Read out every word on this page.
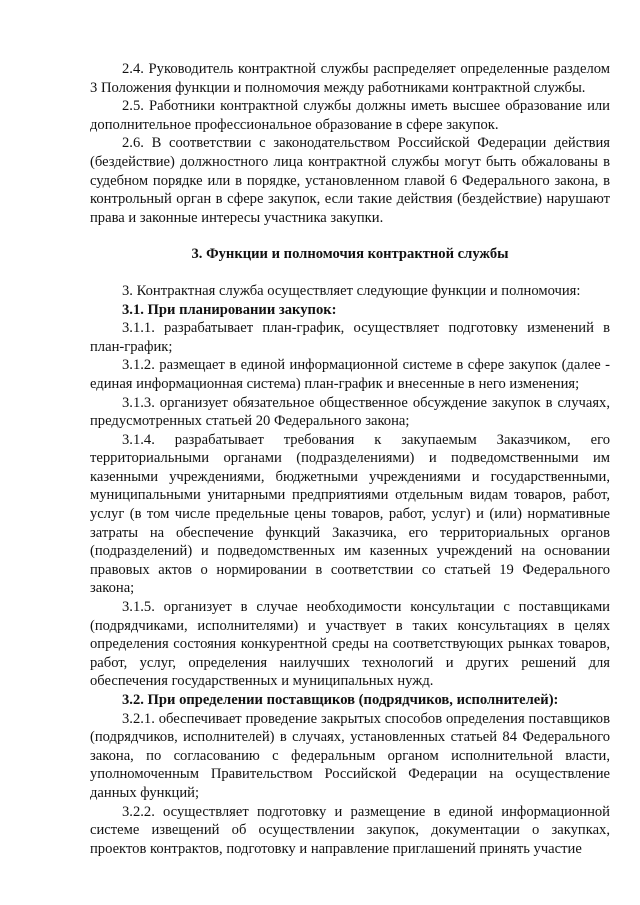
2.4. Руководитель контрактной службы распределяет определенные разделом 3 Положения функции и полномочия между работниками контрактной службы.

2.5. Работники контрактной службы должны иметь высшее образование или дополнительное профессиональное образование в сфере закупок.

2.6. В соответствии с законодательством Российской Федерации действия (бездействие) должностного лица контрактной службы могут быть обжалованы в судебном порядке или в порядке, установленном главой 6 Федерального закона, в контрольный орган в сфере закупок, если такие действия (бездействие) нарушают права и законные интересы участника закупки.

3. Функции и полномочия контрактной службы

3. Контрактная служба осуществляет следующие функции и полномочия:

3.1. При планировании закупок:

3.1.1. разрабатывает план-график, осуществляет подготовку изменений в план-график;

3.1.2. размещает в единой информационной системе в сфере закупок (далее - единая информационная система) план-график и внесенные в него изменения;

3.1.3. организует обязательное общественное обсуждение закупок в случаях, предусмотренных статьей 20 Федерального закона;

3.1.4. разрабатывает требования к закупаемым Заказчиком, его территориальными органами (подразделениями) и подведомственными им казенными учреждениями, бюджетными учреждениями и государственными, муниципальными унитарными предприятиями отдельным видам товаров, работ, услуг (в том числе предельные цены товаров, работ, услуг) и (или) нормативные затраты на обеспечение функций Заказчика, его территориальных органов (подразделений) и подведомственных им казенных учреждений на основании правовых актов о нормировании в соответствии со статьей 19 Федерального закона;

3.1.5. организует в случае необходимости консультации с поставщиками (подрядчиками, исполнителями) и участвует в таких консультациях в целях определения состояния конкурентной среды на соответствующих рынках товаров, работ, услуг, определения наилучших технологий и других решений для обеспечения государственных и муниципальных нужд.

3.2. При определении поставщиков (подрядчиков, исполнителей):

3.2.1. обеспечивает проведение закрытых способов определения поставщиков (подрядчиков, исполнителей) в случаях, установленных статьей 84 Федерального закона, по согласованию с федеральным органом исполнительной власти, уполномоченным Правительством Российской Федерации на осуществление данных функций;

3.2.2. осуществляет подготовку и размещение в единой информационной системе извещений об осуществлении закупок, документации о закупках, проектов контрактов, подготовку и направление приглашений принять участие
